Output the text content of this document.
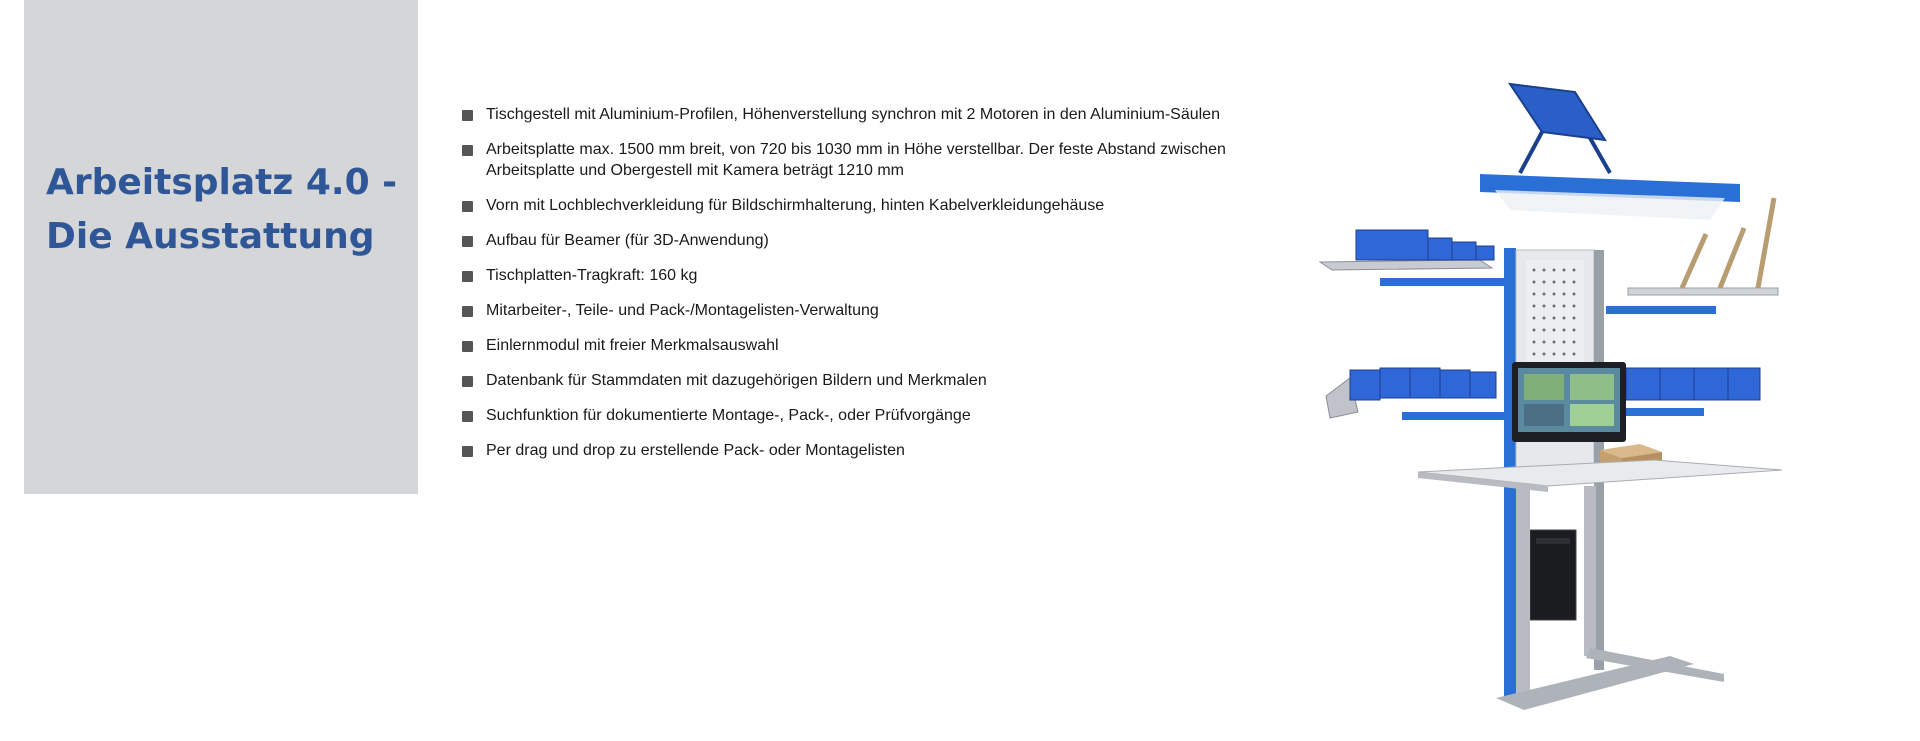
Arbeitsplatz 4.0 -
Die Ausstattung
Tischgestell mit Aluminium-Profilen, Höhenverstellung synchron mit 2 Motoren in den Aluminium-Säulen
Arbeitsplatte max. 1500 mm breit, von 720 bis 1030 mm in Höhe verstellbar. Der feste Abstand zwischen Arbeitsplatte und Obergestell mit Kamera beträgt 1210 mm
Vorn mit Lochblechverkleidung für Bildschirmhalterung, hinten Kabelverkleidungehäuse
Aufbau für Beamer (für 3D-Anwendung)
Tischplatten-Tragkraft: 160 kg
Mitarbeiter-, Teile- und Pack-/Montagelisten-Verwaltung
Einlernmodul mit freier Merkmalsauswahl
Datenbank für Stammdaten mit dazugehörigen Bildern und Merkmalen
Suchfunktion für dokumentierte Montage-, Pack-, oder Prüfvorgänge
Per drag und drop zu erstellende Pack- oder Montagelisten
